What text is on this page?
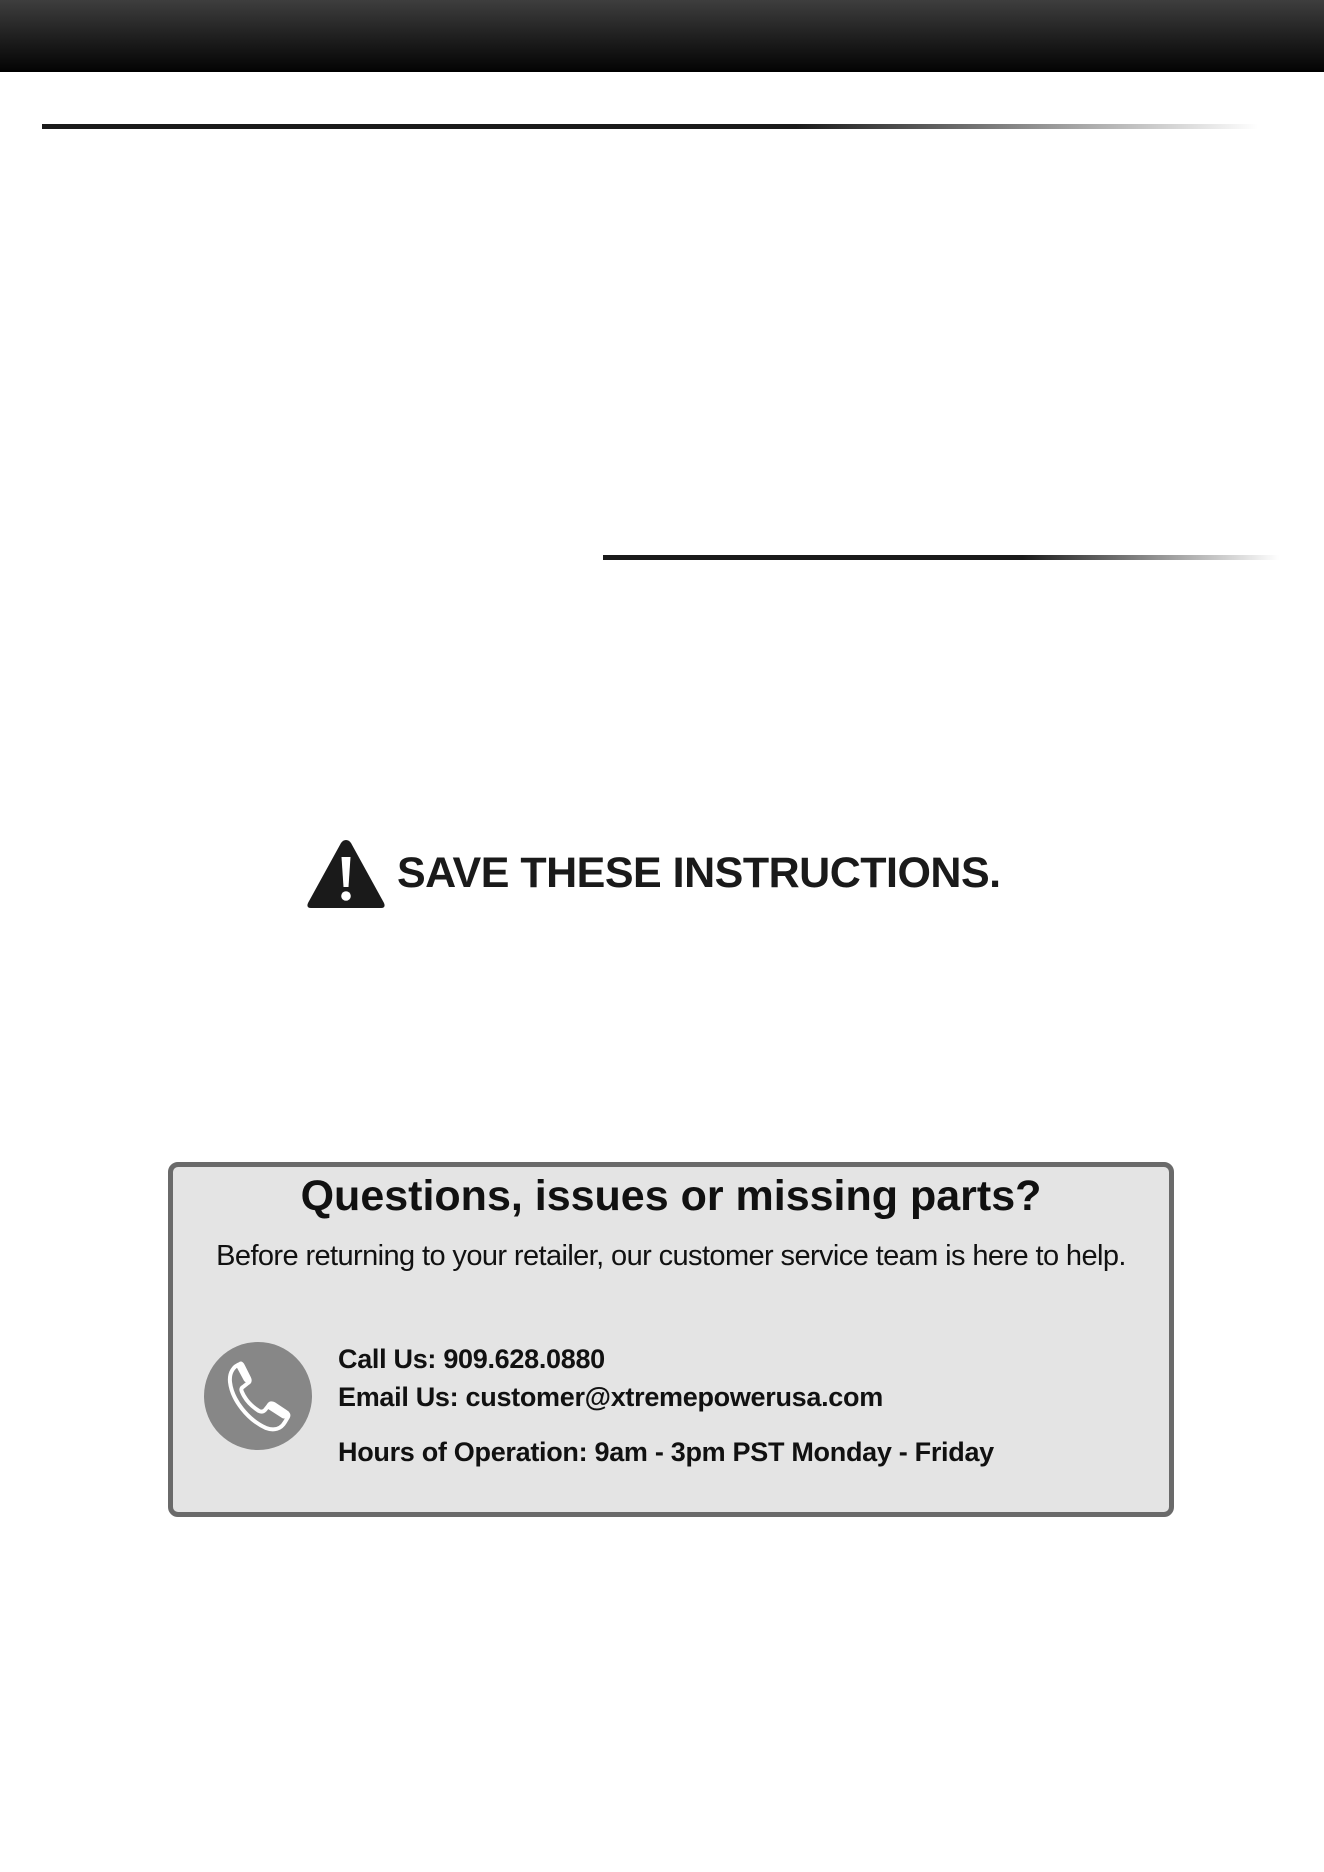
SAVE THESE INSTRUCTIONS.
Questions, issues or missing parts?
Before returning to your retailer, our customer service team is here to help.
Call Us: 909.628.0880
Email Us: customer@xtremepowerusa.com
Hours of Operation: 9am - 3pm PST Monday - Friday
